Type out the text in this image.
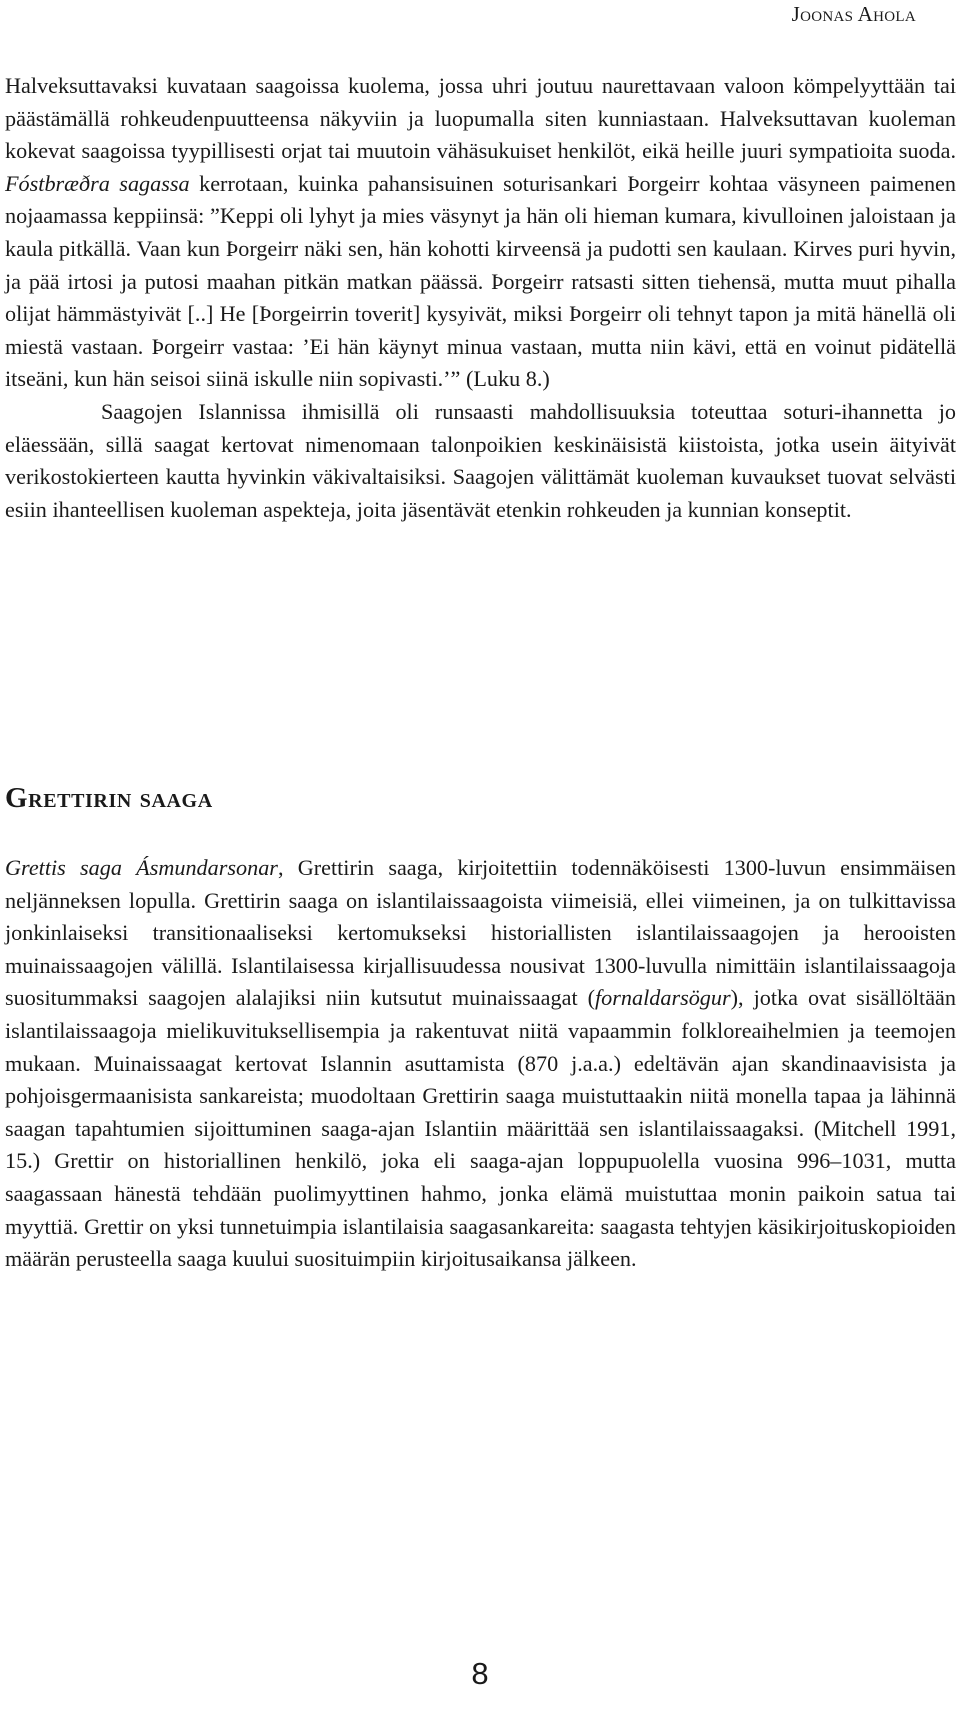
Joonas Ahola

Halveksuttavaksi kuvataan saagoissa kuolema, jossa uhri joutuu naurettavaan valoon kömpelyyttään tai päästämällä rohkeudenpuutteensa näkyviin ja luopumalla siten kunniastaan. Halveksuttavan kuoleman kokevat saagoissa tyypillisesti orjat tai muutoin vähäsukuiset henkilöt, eikä heille juuri sympatioita suoda. Fóstbræðra sagassa kerrotaan, kuinka pahansisuinen soturisankari Þorgeirr kohtaa väsyneen paimenen nojaamassa keppiinsä: ”Keppi oli lyhyt ja mies väsynyt ja hän oli hieman kumara, kivulloinen jaloistaan ja kaula pitkällä. Vaan kun Þorgeirr näki sen, hän kohotti kirveensä ja pudotti sen kaulaan. Kirves puri hyvin, ja pää irtosi ja putosi maahan pitkän matkan päässä. Þorgeirr ratsasti sitten tiehensä, mutta muut pihalla olijat hämmästyivät [..] He [Þorgeirrin toverit] kysyivät, miksi Þorgeirr oli tehnyt tapon ja mitä hänellä oli miestä vastaan. Þorgeirr vastaa: ’Ei hän käynyt minua vastaan, mutta niin kävi, että en voinut pidätellä itseäni, kun hän seisoi siinä iskulle niin sopivasti.’” (Luku 8.)

Saagojen Islannissa ihmisillä oli runsaasti mahdollisuuksia toteuttaa soturi-ihannetta jo eläessään, sillä saagat kertovat nimenomaan talonpoikien keskinäisistä kiistoista, jotka usein äityivät verikostokierteen kautta hyvinkin väkivaltaisiksi. Saagojen välittämät kuoleman kuvaukset tuovat selvästi esiin ihanteellisen kuoleman aspekteja, joita jäsentävät etenkin rohkeuden ja kunnian konseptit.

Grettirin saaga

Grettis saga Ásmundarsonar, Grettirin saaga, kirjoitettiin todennäköisesti 1300-luvun ensimmäisen neljänneksen lopulla. Grettirin saaga on islantilaissaagoista viimeisiä, ellei viimeinen, ja on tulkittavissa jonkinlaiseksi transitionaaliseksi kertomukseksi historiallisten islantilaissaagojen ja herooisten muinaissaagojen välillä. Islantilaisessa kirjallisuudessa nousivat 1300-luvulla nimittäin islantilaissaagoja suositummaksi saagojen alalajiksi niin kutsutut muinaissaagat (fornaldarsögur), jotka ovat sisällöltään islantilaissaagoja mielikuvituksellisempia ja rakentuvat niitä vapaammin folkloreaihelmien ja teemojen mukaan. Muinaissaagat kertovat Islannin asuttamista (870 j.a.a.) edeltävän ajan skandinaavisista ja pohjoisgermaanisista sankareista; muodoltaan Grettirin saaga muistuttaakin niitä monella tapaa ja lähinnä saagan tapahtumien sijoittuminen saaga-ajan Islantiin määrittää sen islantilaissaagaksi. (Mitchell 1991, 15.) Grettir on historiallinen henkilö, joka eli saaga-ajan loppupuolella vuosina 996–1031, mutta saagassaan hänestä tehdään puolimyyttinen hahmo, jonka elämä muistuttaa monin paikoin satua tai myyttiä. Grettir on yksi tunnetuimpia islantilaisia saagasankareita: saagasta tehtyjen käsikirjoituskopioiden määrän perusteella saaga kuului suosituimpiin kirjoitusaikansa jälkeen.

8
